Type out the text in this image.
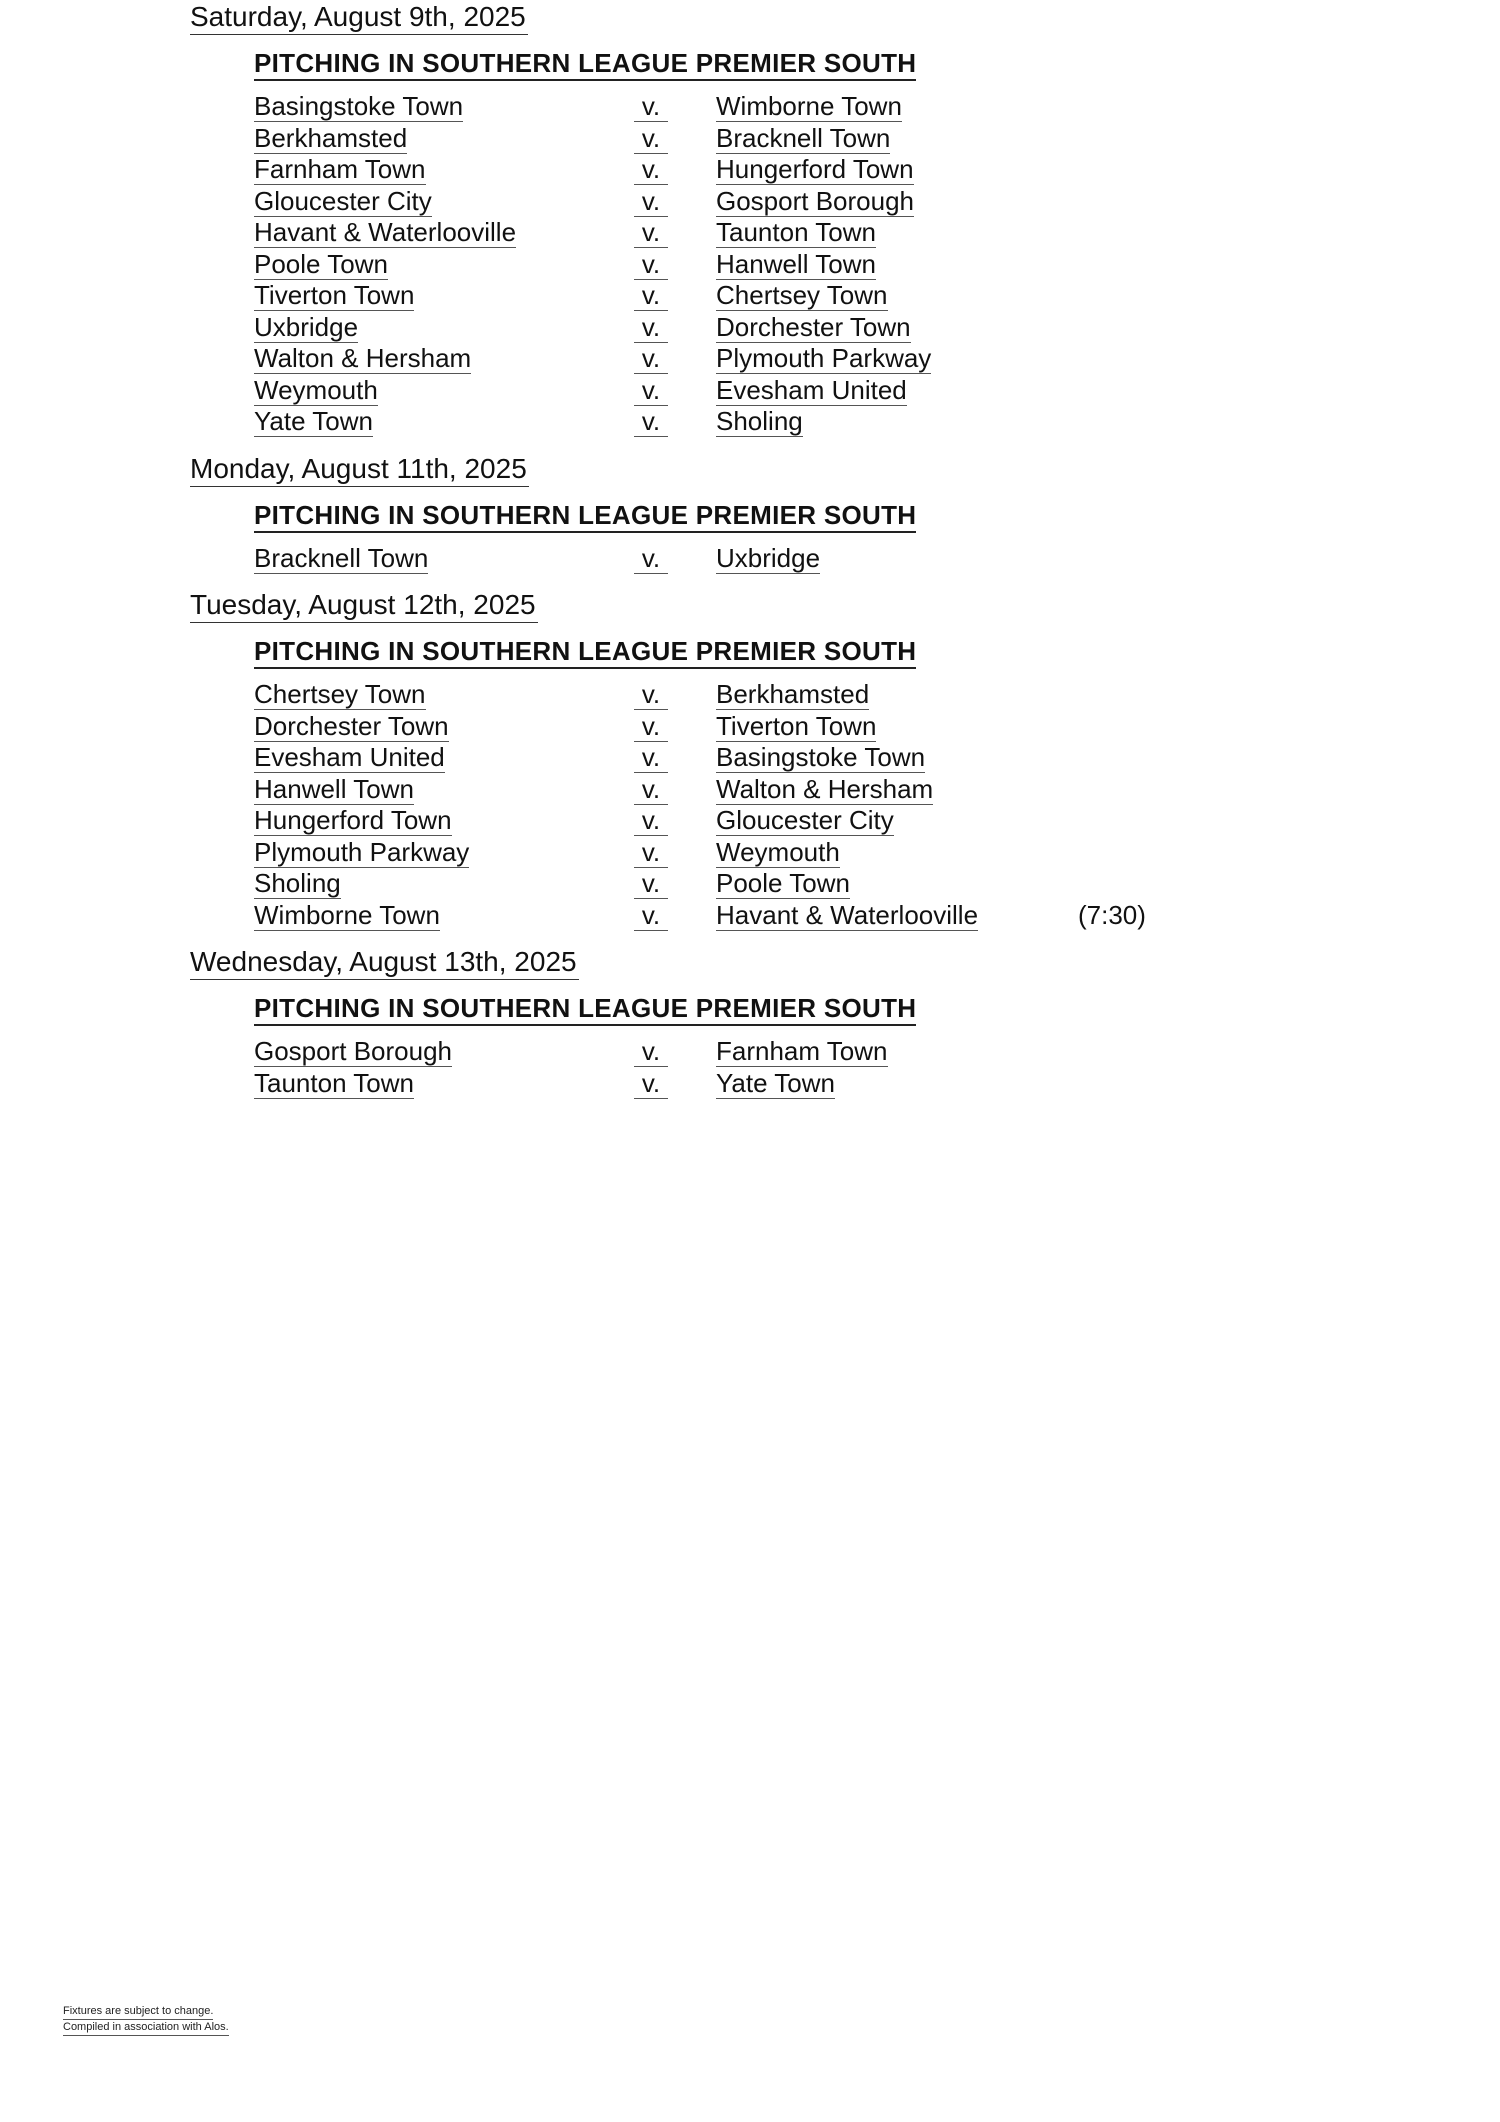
Saturday, August 9th, 2025
PITCHING IN SOUTHERN LEAGUE PREMIER SOUTH
Basingstoke Town	v.	Wimborne Town
Berkhamsted	v.	Bracknell Town
Farnham Town	v.	Hungerford Town
Gloucester City	v.	Gosport Borough
Havant & Waterlooville	v.	Taunton Town
Poole Town	v.	Hanwell Town
Tiverton Town	v.	Chertsey Town
Uxbridge	v.	Dorchester Town
Walton & Hersham	v.	Plymouth Parkway
Weymouth	v.	Evesham United
Yate Town	v.	Sholing
Monday, August 11th, 2025
PITCHING IN SOUTHERN LEAGUE PREMIER SOUTH
Bracknell Town	v.	Uxbridge
Tuesday, August 12th, 2025
PITCHING IN SOUTHERN LEAGUE PREMIER SOUTH
Chertsey Town	v.	Berkhamsted
Dorchester Town	v.	Tiverton Town
Evesham United	v.	Basingstoke Town
Hanwell Town	v.	Walton & Hersham
Hungerford Town	v.	Gloucester City
Plymouth Parkway	v.	Weymouth
Sholing	v.	Poole Town
Wimborne Town	v.	Havant & Waterlooville	(7:30)
Wednesday, August 13th, 2025
PITCHING IN SOUTHERN LEAGUE PREMIER SOUTH
Gosport Borough	v.	Farnham Town
Taunton Town	v.	Yate Town
Fixtures are subject to change.
Compiled in association with Alos.
